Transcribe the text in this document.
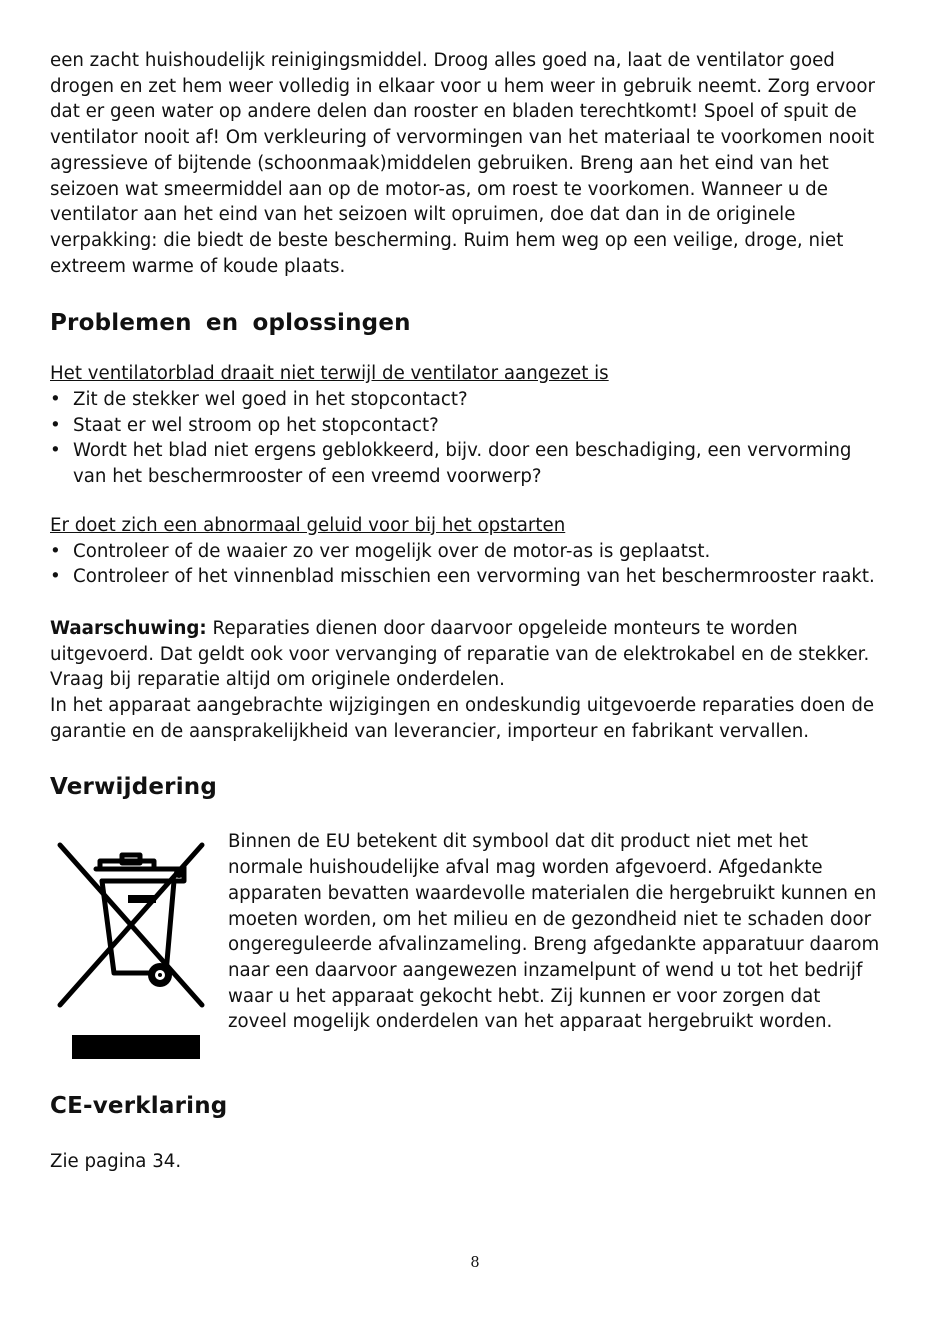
een zacht huishoudelijk reinigingsmiddel. Droog alles goed na, laat de ventilator goed drogen en zet hem weer volledig in elkaar voor u hem weer in gebruik neemt. Zorg ervoor dat er geen water op andere delen dan rooster en bladen terechtkomt! Spoel of spuit de ventilator nooit af! Om verkleuring of vervormingen van het materiaal te voorkomen nooit agressieve of bijtende (schoonmaak)middelen gebruiken. Breng aan het eind van het seizoen wat smeermiddel aan op de motor-as, om roest te voorkomen. Wanneer u de ventilator aan het eind van het seizoen wilt opruimen, doe dat dan in de originele verpakking: die biedt de beste bescherming. Ruim hem weg op een veilige, droge, niet extreem warme of koude plaats.

Problemen en oplossingen

Het ventilatorblad draait niet terwijl de ventilator aangezet is

• Zit de stekker wel goed in het stopcontact?
• Staat er wel stroom op het stopcontact?
• Wordt het blad niet ergens geblokkeerd, bijv. door een beschadiging, een vervorming van het beschermrooster of een vreemd voorwerp?

Er doet zich een abnormaal geluid voor bij het opstarten

• Controleer of de waaier zo ver mogelijk over de motor-as is geplaatst.
• Controleer of het vinnenblad misschien een vervorming van het beschermrooster raakt.

Waarschuwing: Reparaties dienen door daarvoor opgeleide monteurs te worden uitgevoerd. Dat geldt ook voor vervanging of reparatie van de elektrokabel en de stekker. Vraag bij reparatie altijd om originele onderdelen.

In het apparaat aangebrachte wijzigingen en ondeskundig uitgevoerde reparaties doen de garantie en de aansprakelijkheid van leverancier, importeur en fabrikant vervallen.

Verwijdering

Binnen de EU betekent dit symbool dat dit product niet met het normale huishoudelijke afval mag worden afgevoerd. Afgedankte apparaten bevatten waardevolle materialen die hergebruikt kunnen en moeten worden, om het milieu en de gezondheid niet te schaden door ongereguleerde afvalinzameling. Breng afgedankte apparatuur daarom naar een daarvoor aangewezen inzamelpunt of wend u tot het bedrijf waar u het apparaat gekocht hebt. Zij kunnen er voor zorgen dat zoveel mogelijk onderdelen van het apparaat hergebruikt worden.

CE-verklaring

Zie pagina 34.

8
